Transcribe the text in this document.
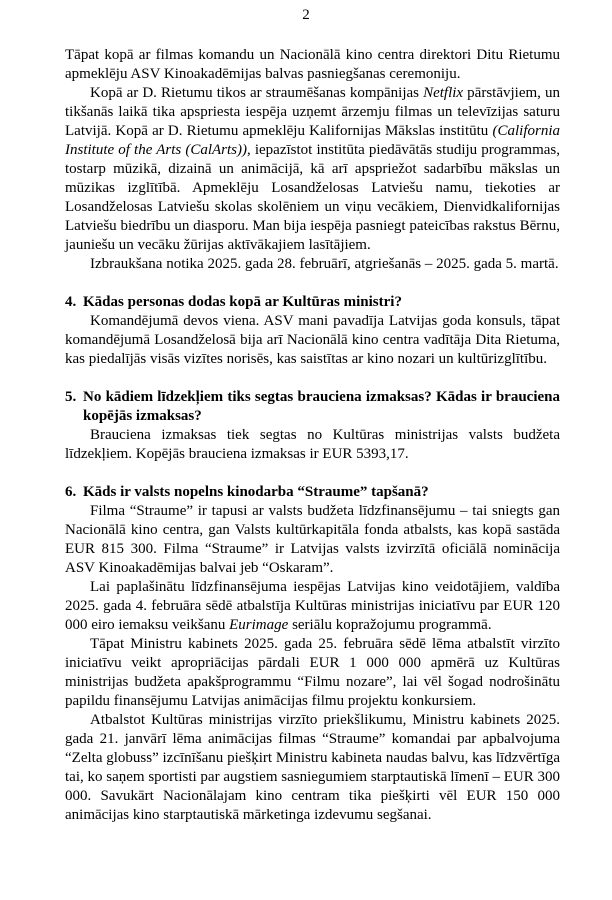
2

Tāpat kopā ar filmas komandu un Nacionālā kino centra direktori Ditu Rietumu apmeklēju ASV Kinoakadēmijas balvas pasniegšanas ceremoniju.

Kopā ar D. Rietumu tikos ar straumēšanas kompānijas Netflix pārstāvjiem, un tikšanās laikā tika apspriesta iespēja uzņemt ārzemju filmas un televīzijas saturu Latvijā. Kopā ar D. Rietumu apmeklēju Kalifornijas Mākslas institūtu (California Institute of the Arts (CalArts)), iepazīstot institūta piedāvātās studiju programmas, tostarp mūzikā, dizainā un animācijā, kā arī apspriežot sadarbību mākslas un mūzikas izglītībā. Apmeklēju Losandželosas Latviešu namu, tiekoties ar Losandželosas Latviešu skolas skolēniem un viņu vecākiem, Dienvidkalifornijas Latviešu biedrību un diasporu. Man bija iespēja pasniegt pateicības rakstus Bērnu, jauniešu un vecāku žūrijas aktīvākajiem lasītājiem.

Izbraukšana notika 2025. gada 28. februārī, atgriešanās – 2025. gada 5. martā.

4. Kādas personas dodas kopā ar Kultūras ministri?

Komandējumā devos viena. ASV mani pavadīja Latvijas goda konsuls, tāpat komandējumā Losandželosā bija arī Nacionālā kino centra vadītāja Dita Rietuma, kas piedalījās visās vizītes norisēs, kas saistītas ar kino nozari un kultūrizglītību.

5. No kādiem līdzekļiem tiks segtas brauciena izmaksas? Kādas ir brauciena kopējās izmaksas?

Brauciena izmaksas tiek segtas no Kultūras ministrijas valsts budžeta līdzekļiem. Kopējās brauciena izmaksas ir EUR 5393,17.

6. Kāds ir valsts nopelns kinodarba “Straume” tapšanā?

Filma “Straume” ir tapusi ar valsts budžeta līdzfinansējumu – tai sniegts gan Nacionālā kino centra, gan Valsts kultūrkapitāla fonda atbalsts, kas kopā sastāda EUR 815 300. Filma “Straume” ir Latvijas valsts izvirzītā oficiālā nominācija ASV Kinoakadēmijas balvai jeb “Oskaram”.

Lai paplašinātu līdzfinansējuma iespējas Latvijas kino veidotājiem, valdība 2025. gada 4. februāra sēdē atbalstīja Kultūras ministrijas iniciatīvu par EUR 120 000 eiro iemaksu veikšanu Eurimage seriālu kopražojumu programmā.

Tāpat Ministru kabinets 2025. gada 25. februāra sēdē lēma atbalstīt virzīto iniciatīvu veikt apropriācijas pārdali EUR 1 000 000 apmērā uz Kultūras ministrijas budžeta apakšprogrammu “Filmu nozare”, lai vēl šogad nodrošinātu papildu finansējumu Latvijas animācijas filmu projektu konkursiem.

Atbalstot Kultūras ministrijas virzīto priekšlikumu, Ministru kabinets 2025. gada 21. janvārī lēma animācijas filmas “Straume” komandai par apbalvojuma “Zelta globuss” izcīnīšanu piešķirt Ministru kabineta naudas balvu, kas līdzvērtīga tai, ko saņem sportisti par augstiem sasniegumiem starptautiskā līmenī – EUR 300 000. Savukārt Nacionālajam kino centram tika piešķirti vēl EUR 150 000 animācijas kino starptautiskā mārketinga izdevumu segšanai.
